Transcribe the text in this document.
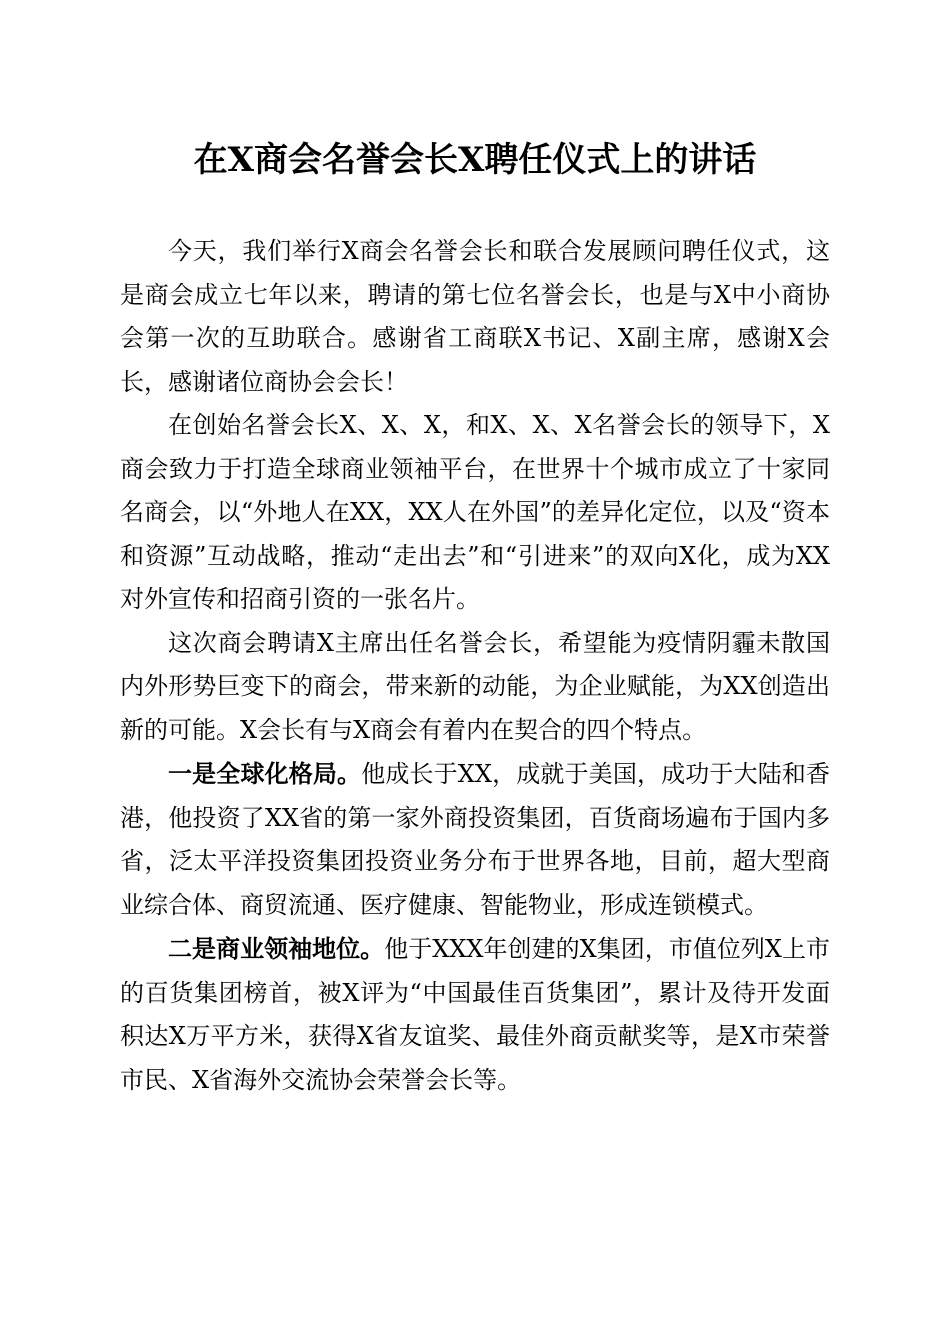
在X商会名誉会长X聘任仪式上的讲话

今天，我们举行X商会名誉会长和联合发展顾问聘任仪式，这是商会成立七年以来，聘请的第七位名誉会长，也是与X中小商协会第一次的互助联合。感谢省工商联X书记、X副主席，感谢X会长，感谢诸位商协会会长！

在创始名誉会长X、X、X，和X、X、X名誉会长的领导下，X商会致力于打造全球商业领袖平台，在世界十个城市成立了十家同名商会，以“外地人在XX，XX人在外国”的差异化定位，以及“资本和资源”互动战略，推动“走出去”和“引进来”的双向X化，成为XX对外宣传和招商引资的一张名片。

这次商会聘请X主席出任名誉会长，希望能为疫情阴霾未散国内外形势巨变下的商会，带来新的动能，为企业赋能，为XX创造出新的可能。X会长有与X商会有着内在契合的四个特点。

一是全球化格局。他成长于XX，成就于美国，成功于大陆和香港，他投资了XX省的第一家外商投资集团，百货商场遍布于国内多省，泛太平洋投资集团投资业务分布于世界各地，目前，超大型商业综合体、商贸流通、医疗健康、智能物业，形成连锁模式。

二是商业领袖地位。他于XXX年创建的X集团，市值位列X上市的百货集团榜首，被X评为“中国最佳百货集团”，累计及待开发面积达X万平方米，获得X省友谊奖、最佳外商贡献奖等，是X市荣誉市民、X省海外交流协会荣誉会长等。
